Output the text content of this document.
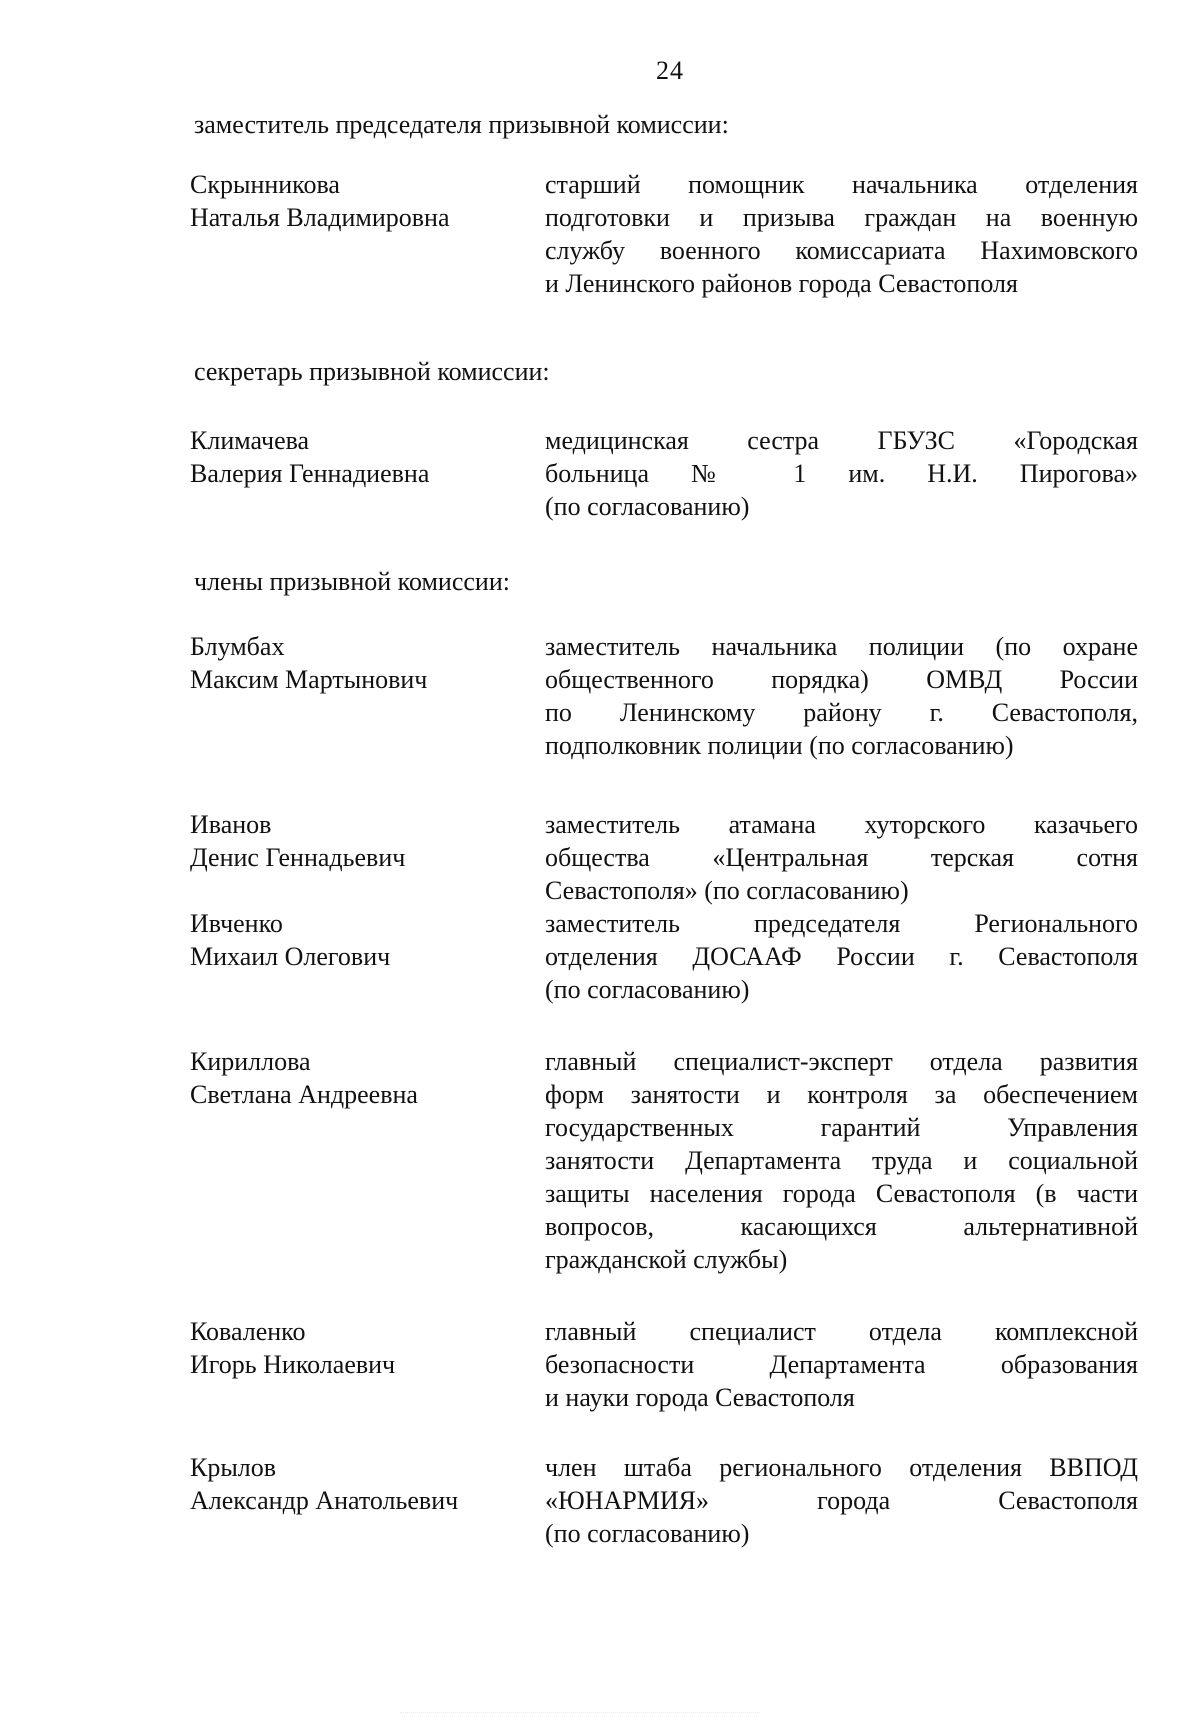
24
заместитель председателя призывной комиссии:
Скрынникова
Наталья Владимировна
старший помощник начальника отделения
подготовки и призыва граждан на военную
службу военного комиссариата Нахимовского
и Ленинского районов города Севастополя
секретарь призывной комиссии:
Климачева
Валерия Геннадиевна
медицинская сестра ГБУЗС «Городская
больница № 1 им. Н.И. Пирогова»
(по согласованию)
члены призывной комиссии:
Блумбах
Максим Мартынович
заместитель начальника полиции (по охране
общественного порядка) ОМВД России
по Ленинскому району г. Севастополя,
подполковник полиции (по согласованию)
Иванов
Денис Геннадьевич
заместитель атамана хуторского казачьего
общества «Центральная терская сотня
Севастополя» (по согласованию)
Ивченко
Михаил Олегович
заместитель председателя Регионального
отделения ДОСААФ России г. Севастополя
(по согласованию)
Кириллова
Светлана Андреевна
главный специалист-эксперт отдела развития
форм занятости и контроля за обеспечением
государственных гарантий Управления
занятости Департамента труда и социальной
защиты населения города Севастополя (в части
вопросов, касающихся альтернативной
гражданской службы)
Коваленко
Игорь Николаевич
главный специалист отдела комплексной
безопасности Департамента образования
и науки города Севастополя
Крылов
Александр Анатольевич
член штаба регионального отделения ВВПОД
«ЮНАРМИЯ» города Севастополя
(по согласованию)
